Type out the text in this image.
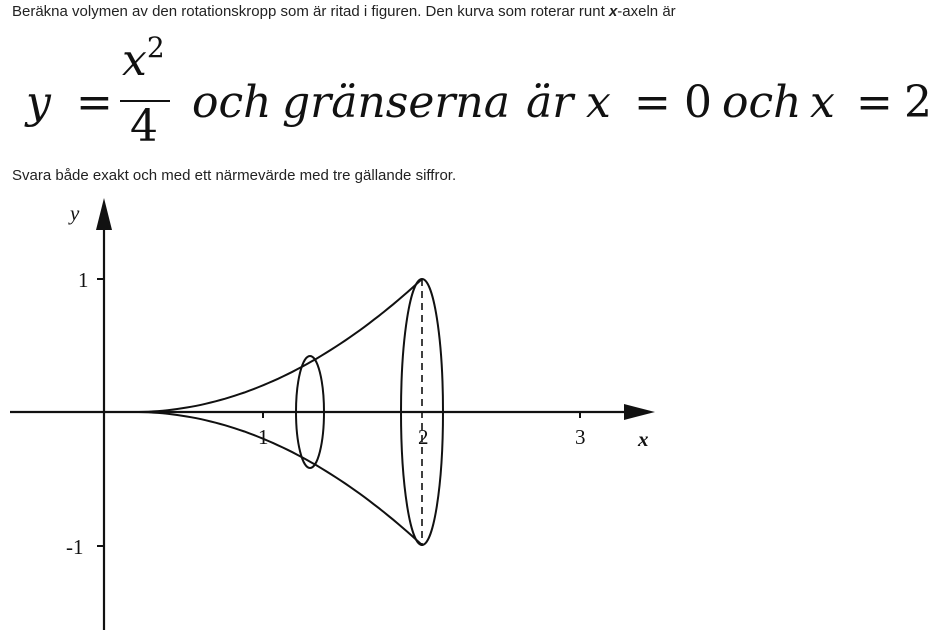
Beräkna volymen av den rotationskropp som är ritad i figuren. Den kurva som roterar runt x-axeln är

y =
$x^2$
4 och gränserna är x = 0 och x = 2

Svara både exakt och med ett närmevärde med tre gällande siffror.

1	2	3
1
-1
x
y
